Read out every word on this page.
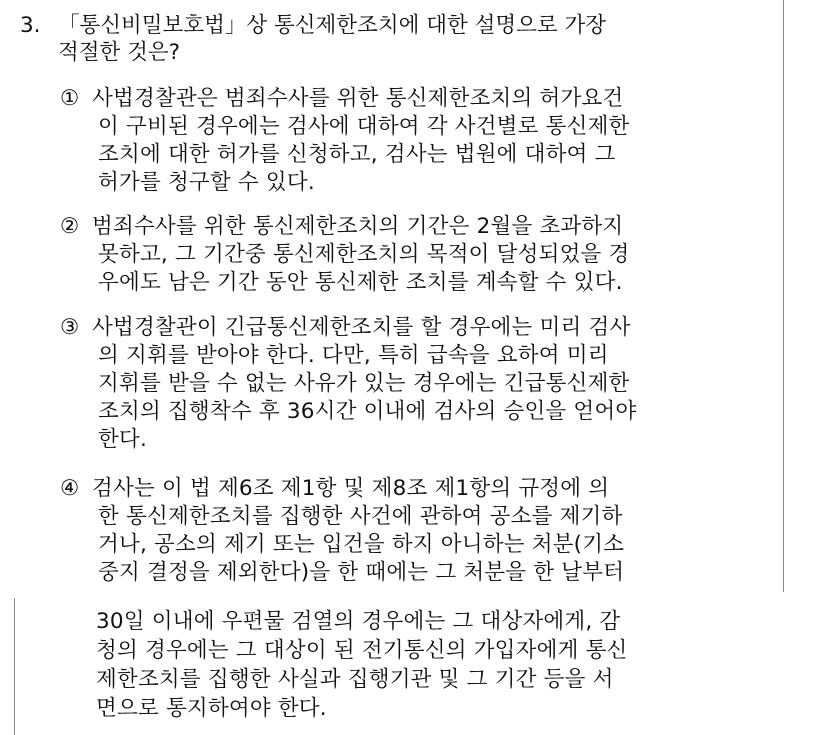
3. 「통신비밀보호법」상 통신제한조치에 대한 설명으로 가장
적절한 것은?
① 사법경찰관은 범죄수사를 위한 통신제한조치의 허가요건
이 구비된 경우에는 검사에 대하여 각 사건별로 통신제한
조치에 대한 허가를 신청하고, 검사는 법원에 대하여 그
허가를 청구할 수 있다.
② 범죄수사를 위한 통신제한조치의 기간은 2월을 초과하지
못하고, 그 기간중 통신제한조치의 목적이 달성되었을 경
우에도 남은 기간 동안 통신제한 조치를 계속할 수 있다.
③ 사법경찰관이 긴급통신제한조치를 할 경우에는 미리 검사
의 지휘를 받아야 한다. 다만, 특히 급속을 요하여 미리
지휘를 받을 수 없는 사유가 있는 경우에는 긴급통신제한
조치의 집행착수 후 36시간 이내에 검사의 승인을 얻어야
한다.
④ 검사는 이 법 제6조 제1항 및 제8조 제1항의 규정에 의
한 통신제한조치를 집행한 사건에 관하여 공소를 제기하
거나, 공소의 제기 또는 입건을 하지 아니하는 처분(기소
중지 결정을 제외한다)을 한 때에는 그 처분을 한 날부터
30일 이내에 우편물 검열의 경우에는 그 대상자에게, 감
청의 경우에는 그 대상이 된 전기통신의 가입자에게 통신
제한조치를 집행한 사실과 집행기관 및 그 기간 등을 서
면으로 통지하여야 한다.
